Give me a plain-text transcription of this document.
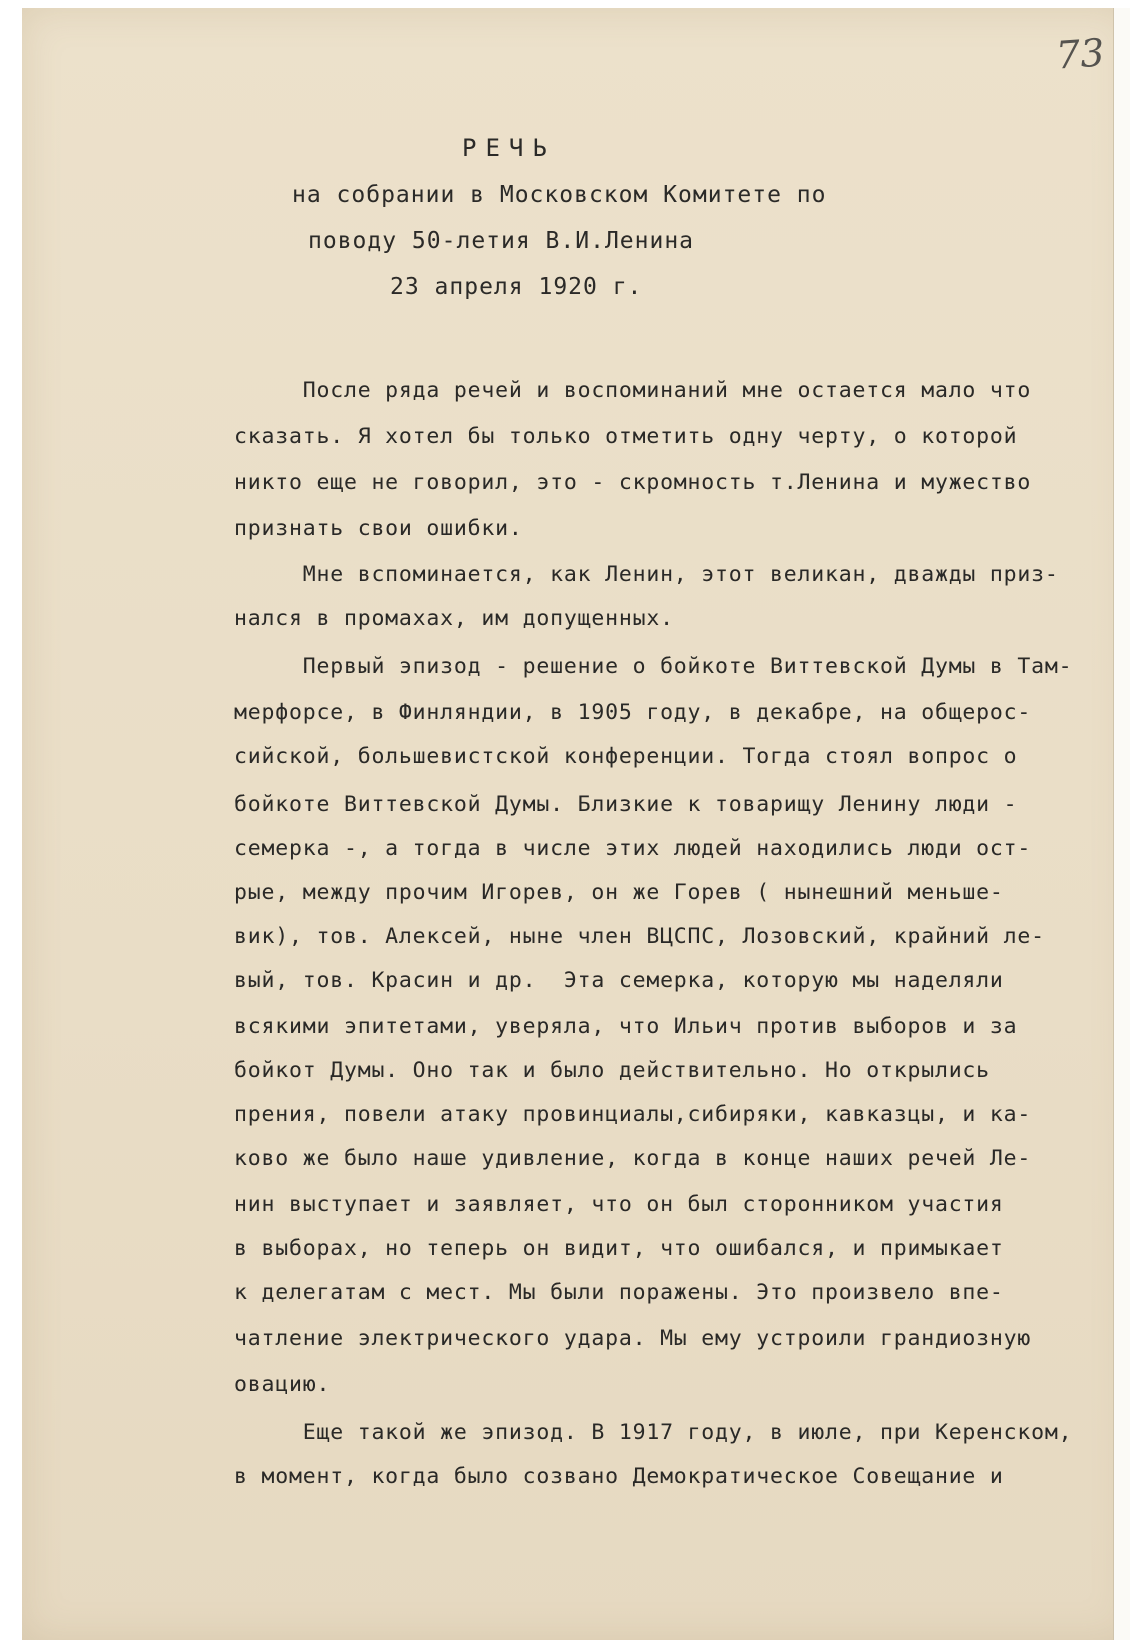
73
РЕЧЬ
на собрании в Московском Комитете по
поводу 50-летия В.И.Ленина
23 апреля 1920 г.
После ряда речей и воспоминаний мне остается мало что
сказать. Я хотел бы только отметить одну черту, о которой
никто еще не говорил, это - скромность т.Ленина и мужество
признать свои ошибки.
Мне вспоминается, как Ленин, этот великан, дважды приз-
нался в промахах, им допущенных.
Первый эпизод - решение о бойкоте Виттевской Думы в Там-
мерфорсе, в Финляндии, в 1905 году, в декабре, на общерос-
сийской, большевистской конференции. Тогда стоял вопрос о
бойкоте Виттевской Думы. Близкие к товарищу Ленину люди -
семерка -, а тогда в числе этих людей находились люди ост-
рые, между прочим Игорев, он же Горев ( нынешний меньше-
вик), тов. Алексей, ныне член ВЦСПС, Лозовский, крайний ле-
вый, тов. Красин и др.  Эта семерка, которую мы наделяли
всякими эпитетами, уверяла, что Ильич против выборов и за
бойкот Думы. Оно так и было действительно. Но открылись
прения, повели атаку провинциалы,сибиряки, кавказцы, и ка-
ково же было наше удивление, когда в конце наших речей Ле-
нин выступает и заявляет, что он был сторонником участия
в выборах, но теперь он видит, что ошибался, и примыкает
к делегатам с мест. Мы были поражены. Это произвело впе-
чатление электрического удара. Мы ему устроили грандиозную
овацию.
Еще такой же эпизод. В 1917 году, в июле, при Керенском,
в момент, когда было созвано Демократическое Совещание и
